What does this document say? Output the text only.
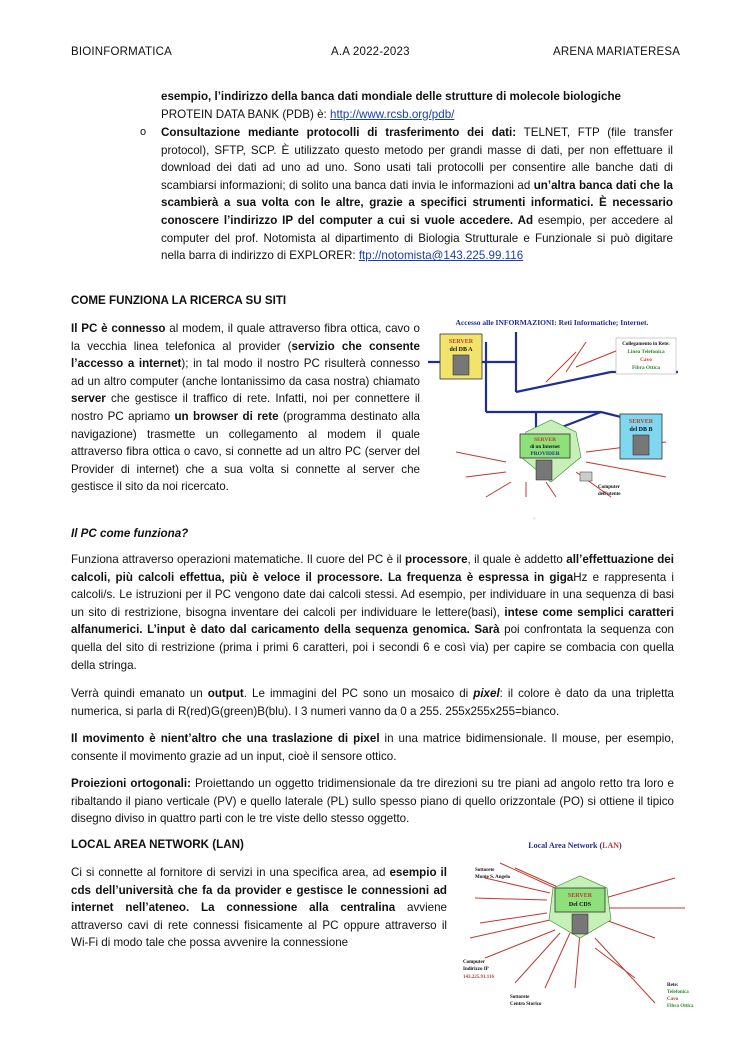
BIOINFORMATICA	A.A 2022-2023	ARENA MARIATERESA
·
esempio, l’indirizzo della banca dati mondiale delle strutture di molecole biologiche
PROTEIN DATA BANK (PDB) è: http://www.rcsb.org/pdb/
o Consultazione mediante protocolli di trasferimento dei dati: TELNET, FTP (file transfer protocol), SFTP, SCP. È utilizzato questo metodo per grandi masse di dati, per non effettuare il download dei dati ad uno ad uno. Sono usati tali protocolli per consentire alle banche dati di scambiarsi informazioni; di solito una banca dati invia le informazioni ad un’altra banca dati che la scambierà a sua volta con le altre, grazie a specifici strumenti informatici. È necessario conoscere l’indirizzo IP del computer a cui si vuole accedere. Ad esempio, per accedere al computer del prof. Notomista al dipartimento di Biologia Strutturale e Funzionale si può digitare nella barra di indirizzo di EXPLORER: ftp://notomista@143.225.99.116
COME FUNZIONA LA RICERCA SU SITI
Il PC è connesso al modem, il quale attraverso fibra ottica, cavo o la vecchia linea telefonica al provider (servizio che consente l’accesso a internet); in tal modo il nostro PC risulterà connesso ad un altro computer (anche lontanissimo da casa nostra) chiamato server che gestisce il traffico di rete. Infatti, noi per connettere il nostro PC apriamo un browser di rete (programma destinato alla navigazione) trasmette un collegamento al modem il quale attraverso fibra ottica o cavo, si connette ad un altro PC (server del Provider di internet) che a sua volta si connette al server che gestisce il sito da noi ricercato.
Accesso alle INFORMAZIONI: Reti Informatiche; Internet.
SERVER
del DB A
SERVER
del DB B
SERVER
di un Internet
PROVIDER
Collegamento in Rete:
Linea Telefonica
Cavo
Fibra Ottica
Computer
dell'utente
Il PC come funziona?
Funziona attraverso operazioni matematiche. Il cuore del PC è il processore, il quale è addetto all’effettuazione dei calcoli, più calcoli effettua, più è veloce il processore. La frequenza è espressa in gigaHz e rappresenta i calcoli/s. Le istruzioni per il PC vengono date dai calcoli stessi. Ad esempio, per individuare in una sequenza di basi un sito di restrizione, bisogna inventare dei calcoli per individuare le lettere(basi), intese come semplici caratteri alfanumerici. L’input è dato dal caricamento della sequenza genomica. Sarà poi confrontata la sequenza con quella del sito di restrizione (prima i primi 6 caratteri, poi i secondi 6 e così via) per capire se combacia con quella della stringa.
Verrà quindi emanato un output. Le immagini del PC sono un mosaico di pixel: il colore è dato da una tripletta numerica, si parla di R(red)G(green)B(blu). I 3 numeri vanno da 0 a 255. 255x255x255=bianco.
Il movimento è nient’altro che una traslazione di pixel in una matrice bidimensionale. Il mouse, per esempio, consente il movimento grazie ad un input, cioè il sensore ottico.
Proiezioni ortogonali: Proiettando un oggetto tridimensionale da tre direzioni su tre piani ad angolo retto tra loro e ribaltando il piano verticale (PV) e quello laterale (PL) sullo spesso piano di quello orizzontale (PO) si ottiene il tipico disegno diviso in quattro parti con le tre viste dello stesso oggetto.
LOCAL AREA NETWORK (LAN)
Ci si connette al fornitore di servizi in una specifica area, ad esempio il cds dell’università che fa da provider e gestisce le connessioni ad internet nell’ateneo. La connessione alla centralina avviene attraverso cavi di rete connessi fisicamente al PC oppure attraverso il Wi-Fi di modo tale che possa avvenire la connessione
Local Area Network (LAN)
SERVER
Del CDS
Sottorete
Monte S. Angelo
Computer
Indirizzo IP
143.225.91.116
Sottorete
Centro Storico
Rete:
Telefonica
Cavo
Fibra Ottica
